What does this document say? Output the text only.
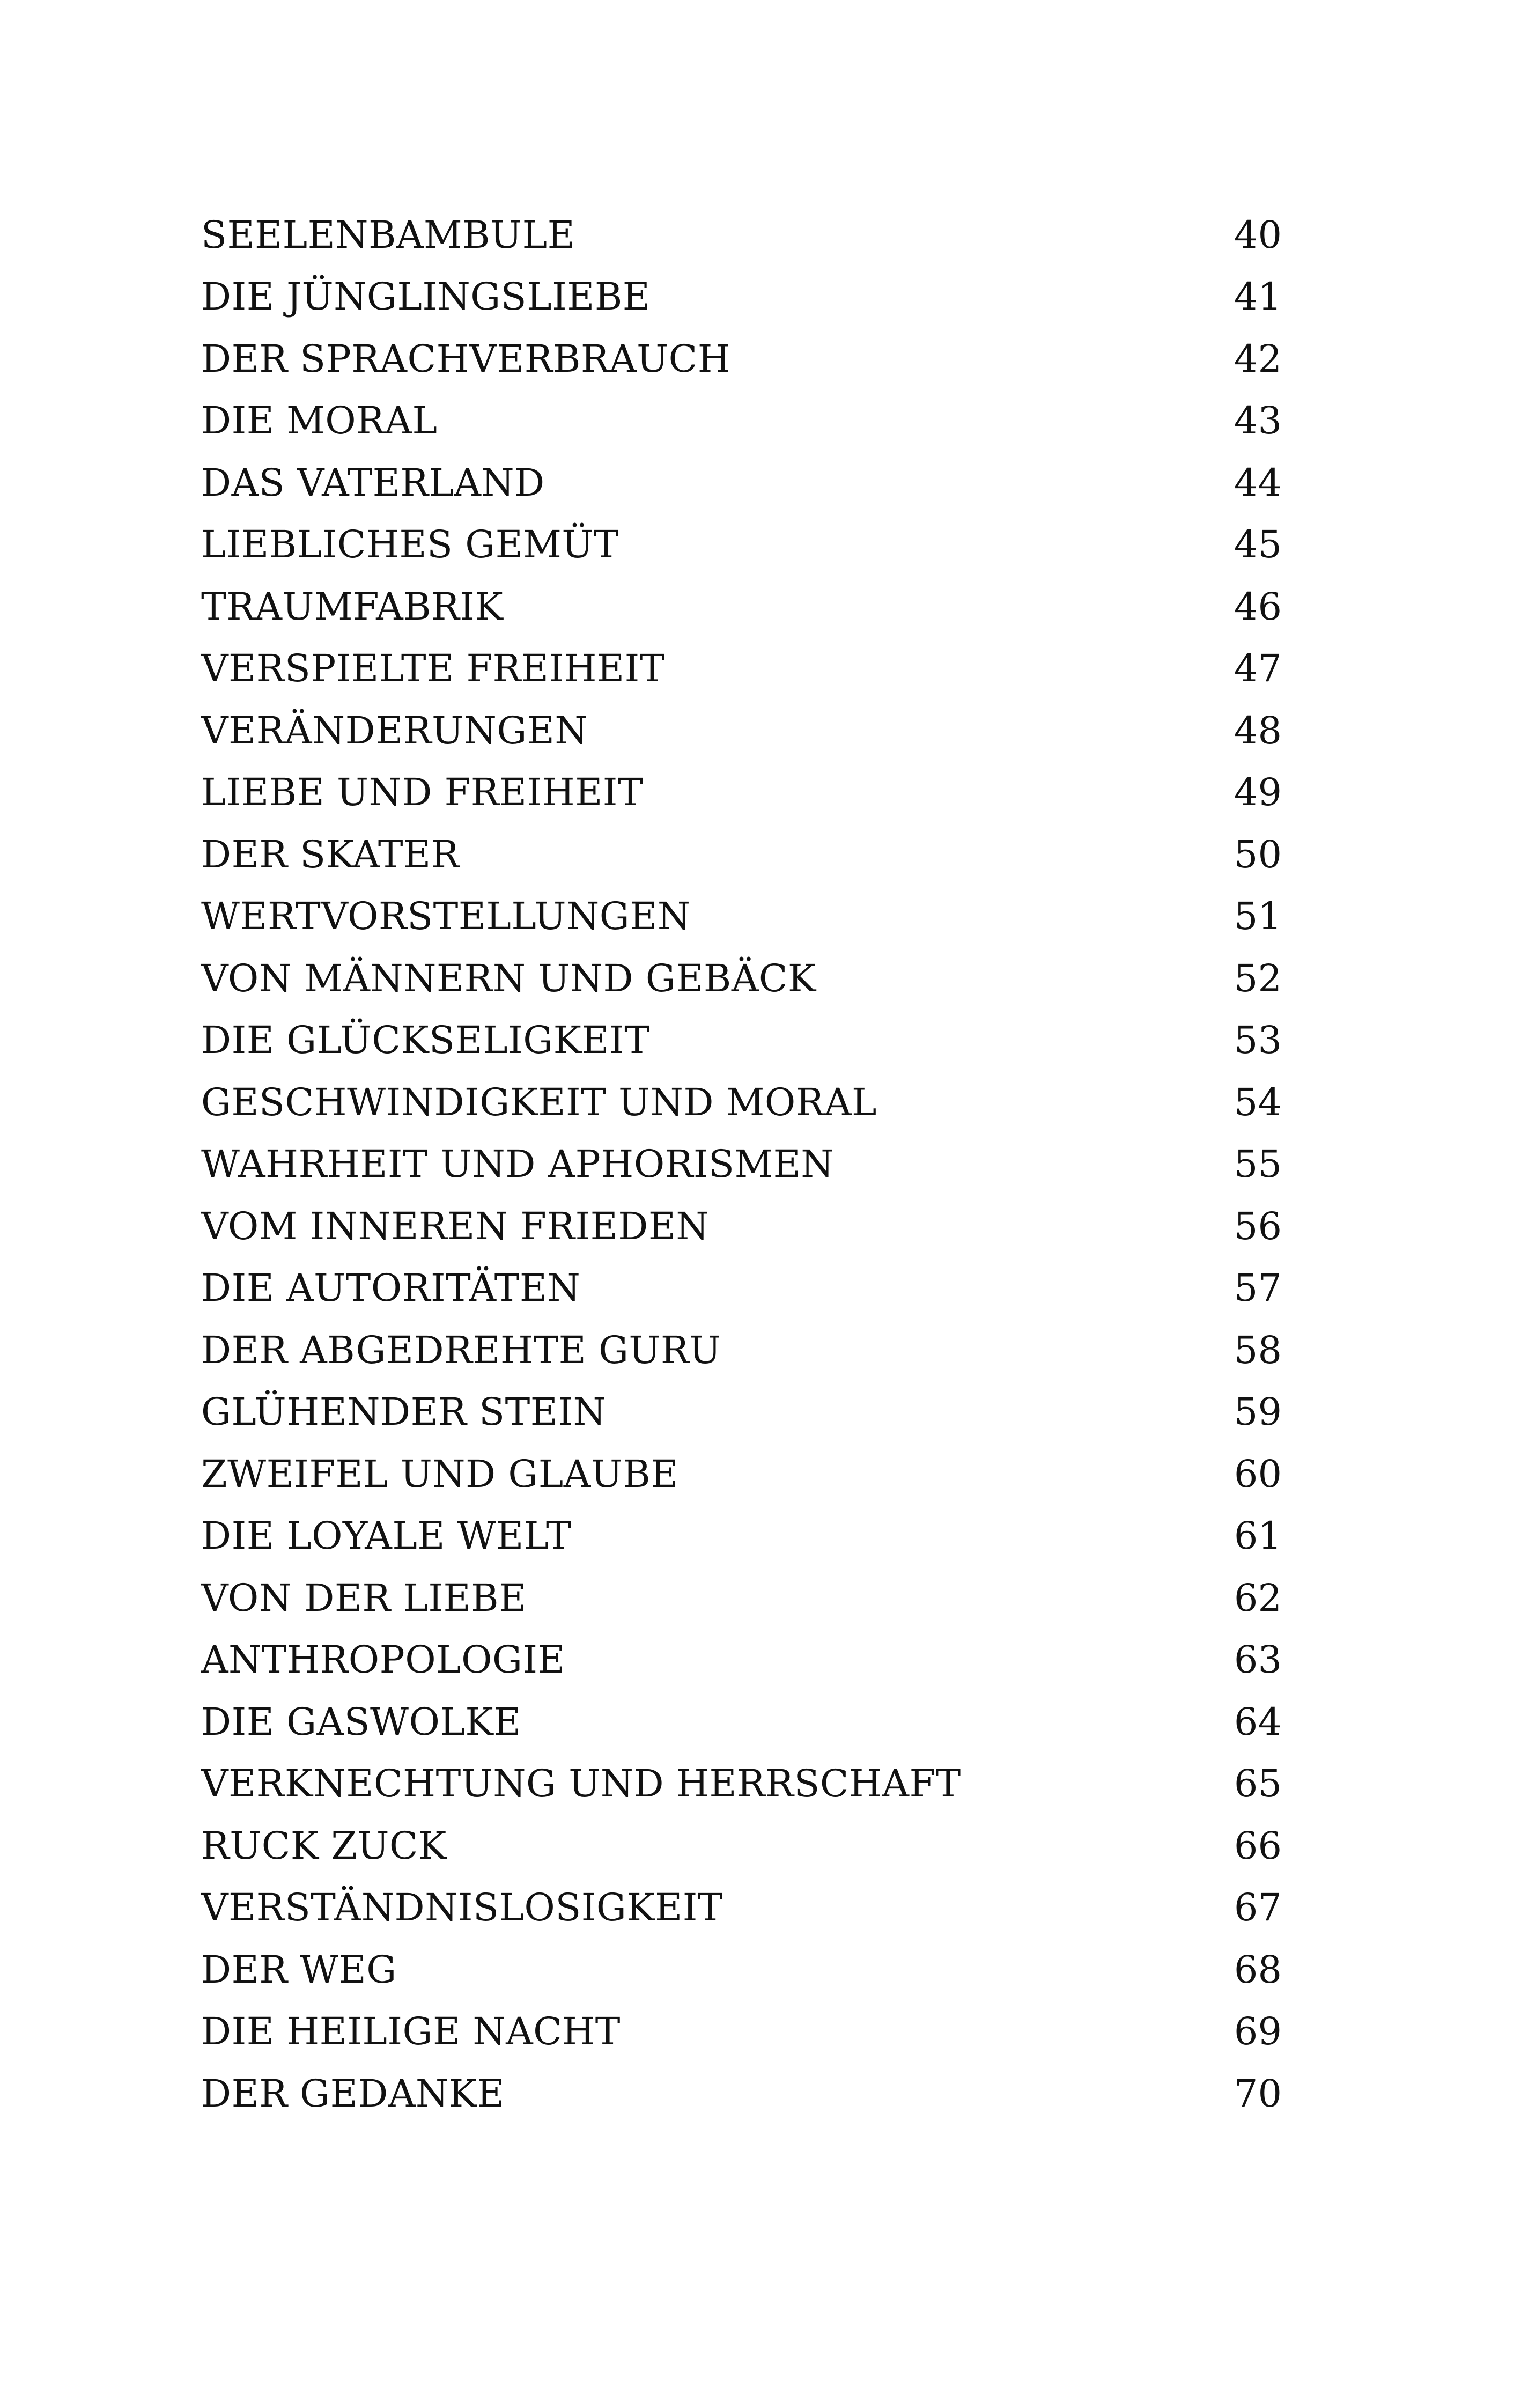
SEELENBAMBULE	40
DIE JÜNGLINGSLIEBE	41
DER SPRACHVERBRAUCH	42
DIE MORAL	43
DAS VATERLAND	44
LIEBLICHES GEMÜT	45
TRAUMFABRIK	46
VERSPIELTE FREIHEIT	47
VERÄNDERUNGEN	48
LIEBE UND FREIHEIT	49
DER SKATER	50
WERTVORSTELLUNGEN	51
VON MÄNNERN UND GEBÄCK	52
DIE GLÜCKSELIGKEIT	53
GESCHWINDIGKEIT UND MORAL	54
WAHRHEIT UND APHORISMEN	55
VOM INNEREN FRIEDEN	56
DIE AUTORITÄTEN	57
DER ABGEDREHTE GURU	58
GLÜHENDER STEIN	59
ZWEIFEL UND GLAUBE	60
DIE LOYALE WELT	61
VON DER LIEBE	62
ANTHROPOLOGIE	63
DIE GASWOLKE	64
VERKNECHTUNG UND HERRSCHAFT	65
RUCK ZUCK	66
VERSTÄNDNISLOSIGKEIT	67
DER WEG	68
DIE HEILIGE NACHT	69
DER GEDANKE	70
